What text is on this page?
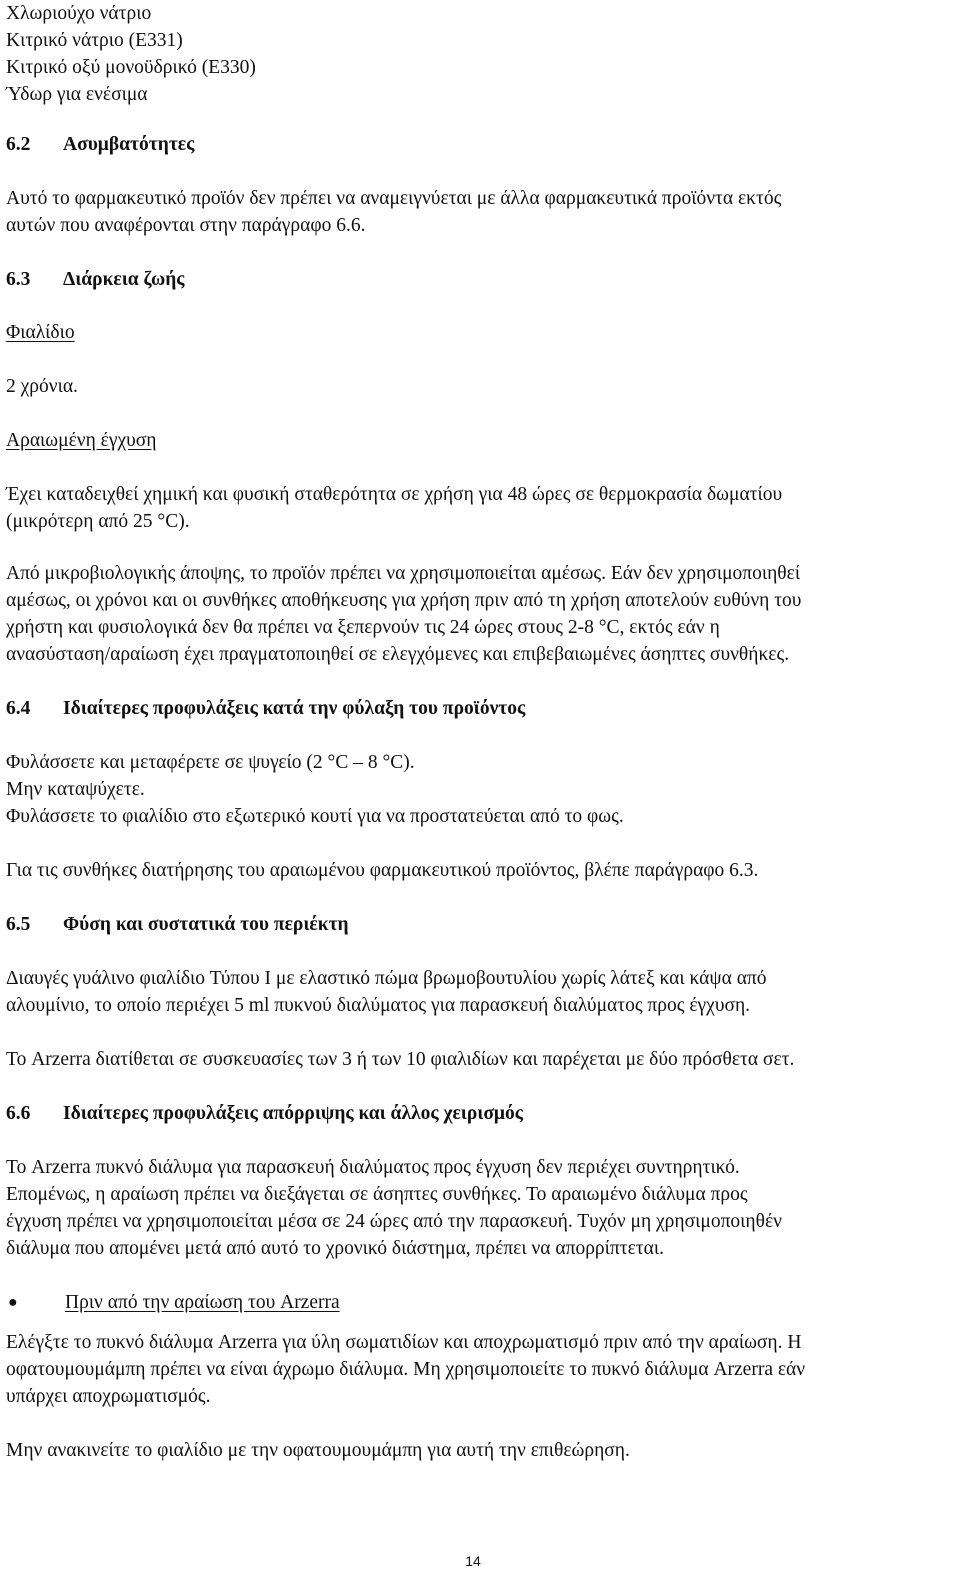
Χλωριούχο νάτριο
Κιτρικό νάτριο (E331)
Κιτρικό οξύ μονοϋδρικό (E330)
Ύδωρ για ενέσιμα
6.2	Ασυμβατότητες
Αυτό το φαρμακευτικό προϊόν δεν πρέπει να αναμειγνύεται με άλλα φαρμακευτικά προϊόντα εκτός
αυτών που αναφέρονται στην παράγραφο 6.6.
6.3	Διάρκεια ζωής
Φιαλίδιο
2 χρόνια.
Αραιωμένη έγχυση
Έχει καταδειχθεί χημική και φυσική σταθερότητα σε χρήση για 48 ώρες σε θερμοκρασία δωματίου
(μικρότερη από 25 °C).
Από μικροβιολογικής άποψης, το προϊόν πρέπει να χρησιμοποιείται αμέσως. Εάν δεν χρησιμοποιηθεί
αμέσως, οι χρόνοι και οι συνθήκες αποθήκευσης για χρήση πριν από τη χρήση αποτελούν ευθύνη του
χρήστη και φυσιολογικά δεν θα πρέπει να ξεπερνούν τις 24 ώρες στους 2-8 °C, εκτός εάν η
ανασύσταση/αραίωση έχει πραγματοποιηθεί σε ελεγχόμενες και επιβεβαιωμένες άσηπτες συνθήκες.
6.4	Ιδιαίτερες προφυλάξεις κατά την φύλαξη του προϊόντος
Φυλάσσετε και μεταφέρετε σε ψυγείο (2 °C – 8 °C).
Μην καταψύχετε.
Φυλάσσετε το φιαλίδιο στο εξωτερικό κουτί για να προστατεύεται από το φως.
Για τις συνθήκες διατήρησης του αραιωμένου φαρμακευτικού προϊόντος, βλέπε παράγραφο 6.3.
6.5	Φύση και συστατικά του περιέκτη
Διαυγές γυάλινο φιαλίδιο Τύπου I με ελαστικό πώμα βρωμοβουτυλίου χωρίς λάτεξ και κάψα από
αλουμίνιο, το οποίο περιέχει 5 ml πυκνού διαλύματος για παρασκευή διαλύματος προς έγχυση.
Το Arzerra διατίθεται σε συσκευασίες των 3 ή των 10 φιαλιδίων και παρέχεται με δύο πρόσθετα σετ.
6.6	Ιδιαίτερες προφυλάξεις απόρριψης και άλλος χειρισμός
Το Arzerra πυκνό διάλυμα για παρασκευή διαλύματος προς έγχυση δεν περιέχει συντηρητικό.
Επομένως, η αραίωση πρέπει να διεξάγεται σε άσηπτες συνθήκες. Το αραιωμένο διάλυμα προς
έγχυση πρέπει να χρησιμοποιείται μέσα σε 24 ώρες από την παρασκευή. Τυχόν μη χρησιμοποιηθέν
διάλυμα που απομένει μετά από αυτό το χρονικό διάστημα, πρέπει να απορρίπτεται.
●	Πριν από την αραίωση του Arzerra
Ελέγξτε το πυκνό διάλυμα Arzerra για ύλη σωματιδίων και αποχρωματισμό πριν από την αραίωση. Η
οφατουμουμάμπη πρέπει να είναι άχρωμο διάλυμα. Μη χρησιμοποιείτε το πυκνό διάλυμα Arzerra εάν
υπάρχει αποχρωματισμός.
Μην ανακινείτε το φιαλίδιο με την οφατουμουμάμπη για αυτή την επιθεώρηση.
14
